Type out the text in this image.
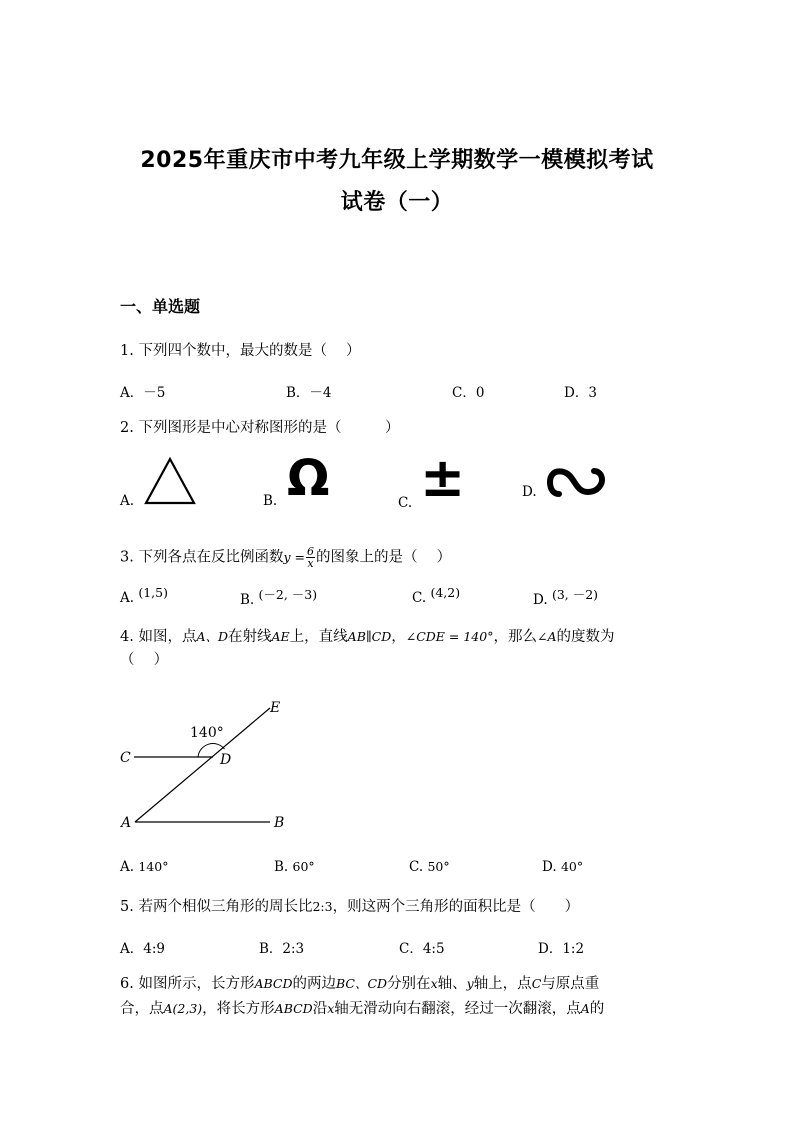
2025年重庆市中考九年级上学期数学一模模拟考试
试卷（一）
一、单选题
1. 下列四个数中，最大的数是（　 ）
A．－5	B．－4	C．0	D．3
2. 下列图形是中心对称图形的是（　　　）
A.	B. Ω	C. ±	D.
3. 下列各点在反比例函数$y = \frac{6}{x}$ 的图象上的是（　 ）
A. (1,5)	B. (－2, －3)	C. (4,2)	D. (3, －2)
4. 如图，点A、D在射线AE上，直线AB∥CD，∠CDE = 140°，那么∠A的度数为
（　 ）
140°
E
C	D
A	B
A. 140°	B. 60°	C. 50°	D. 40°
5. 若两个相似三角形的周长比2:3，则这两个三角形的面积比是（　　）
A．4:9	B．2:3	C．4:5	D．1:2
6. 如图所示，长方形ABCD的两边BC、CD分别在x轴、y轴上，点C与原点重
合，点A(2,3)，将长方形ABCD沿x轴无滑动向右翻滚，经过一次翻滚，点A的
